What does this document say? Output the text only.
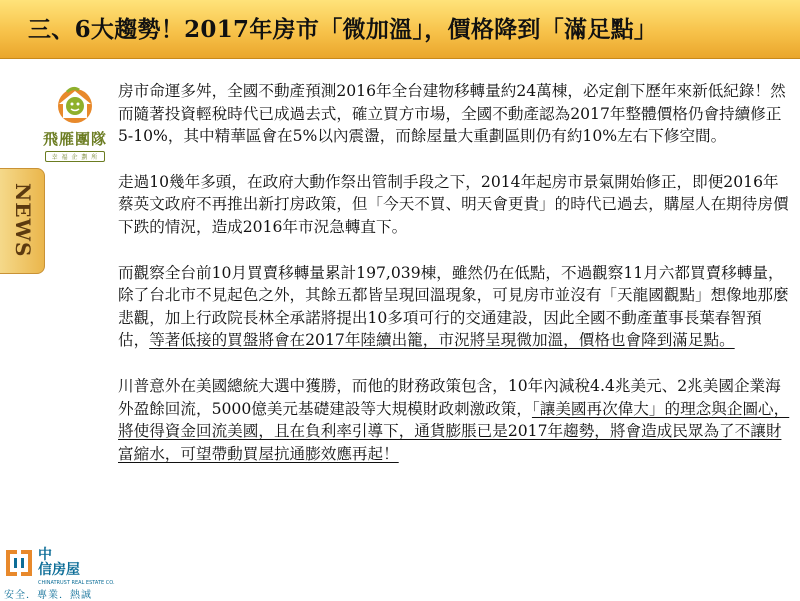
三、6大趨勢！2017年房市「微加溫」，價格降到「滿足點」
飛雁團隊
幸 福 企 劃 所
NEWS

房市命運多舛，全國不動產預測2016年全台建物移轉量約24萬棟，必定創下歷年來新低紀錄！然而隨著投資輕稅時代已成過去式，確立買方市場，全國不動產認為2017年整體價格仍會持續修正5-10%，其中精華區會在5%以內震盪，而餘屋量大重劃區則仍有約10%左右下修空間。

走過10幾年多頭，在政府大動作祭出管制手段之下，2014年起房市景氣開始修正，即便2016年蔡英文政府不再推出新打房政策，但「今天不買、明天會更貴」的時代已過去，購屋人在期待房價下跌的情況，造成2016年市況急轉直下。

而觀察全台前10月買賣移轉量累計197,039棟，雖然仍在低點，不過觀察11月六都買賣移轉量，除了台北市不見起色之外，其餘五都皆呈現回溫現象，可見房市並沒有「天龍國觀點」想像地那麼悲觀，加上行政院長林全承諾將提出10多項可行的交通建設，因此全國不動產董事長葉春智預估，等著低接的買盤將會在2017年陸續出籠，市況將呈現微加溫，價格也會降到滿足點。

川普意外在美國總統大選中獲勝，而他的財務政策包含，10年內減稅4.4兆美元、2兆美國企業海外盈餘回流，5000億美元基礎建設等大規模財政刺激政策，「讓美國再次偉大」的理念與企圖心，將使得資金回流美國，且在負利率引導下，通貨膨脹已是2017年趨勢，將會造成民眾為了不讓財富縮水，可望帶動買屋抗通膨效應再起！

中
信房屋
CHINATRUST REAL ESTATE CO.
安全．專業．熱誠
